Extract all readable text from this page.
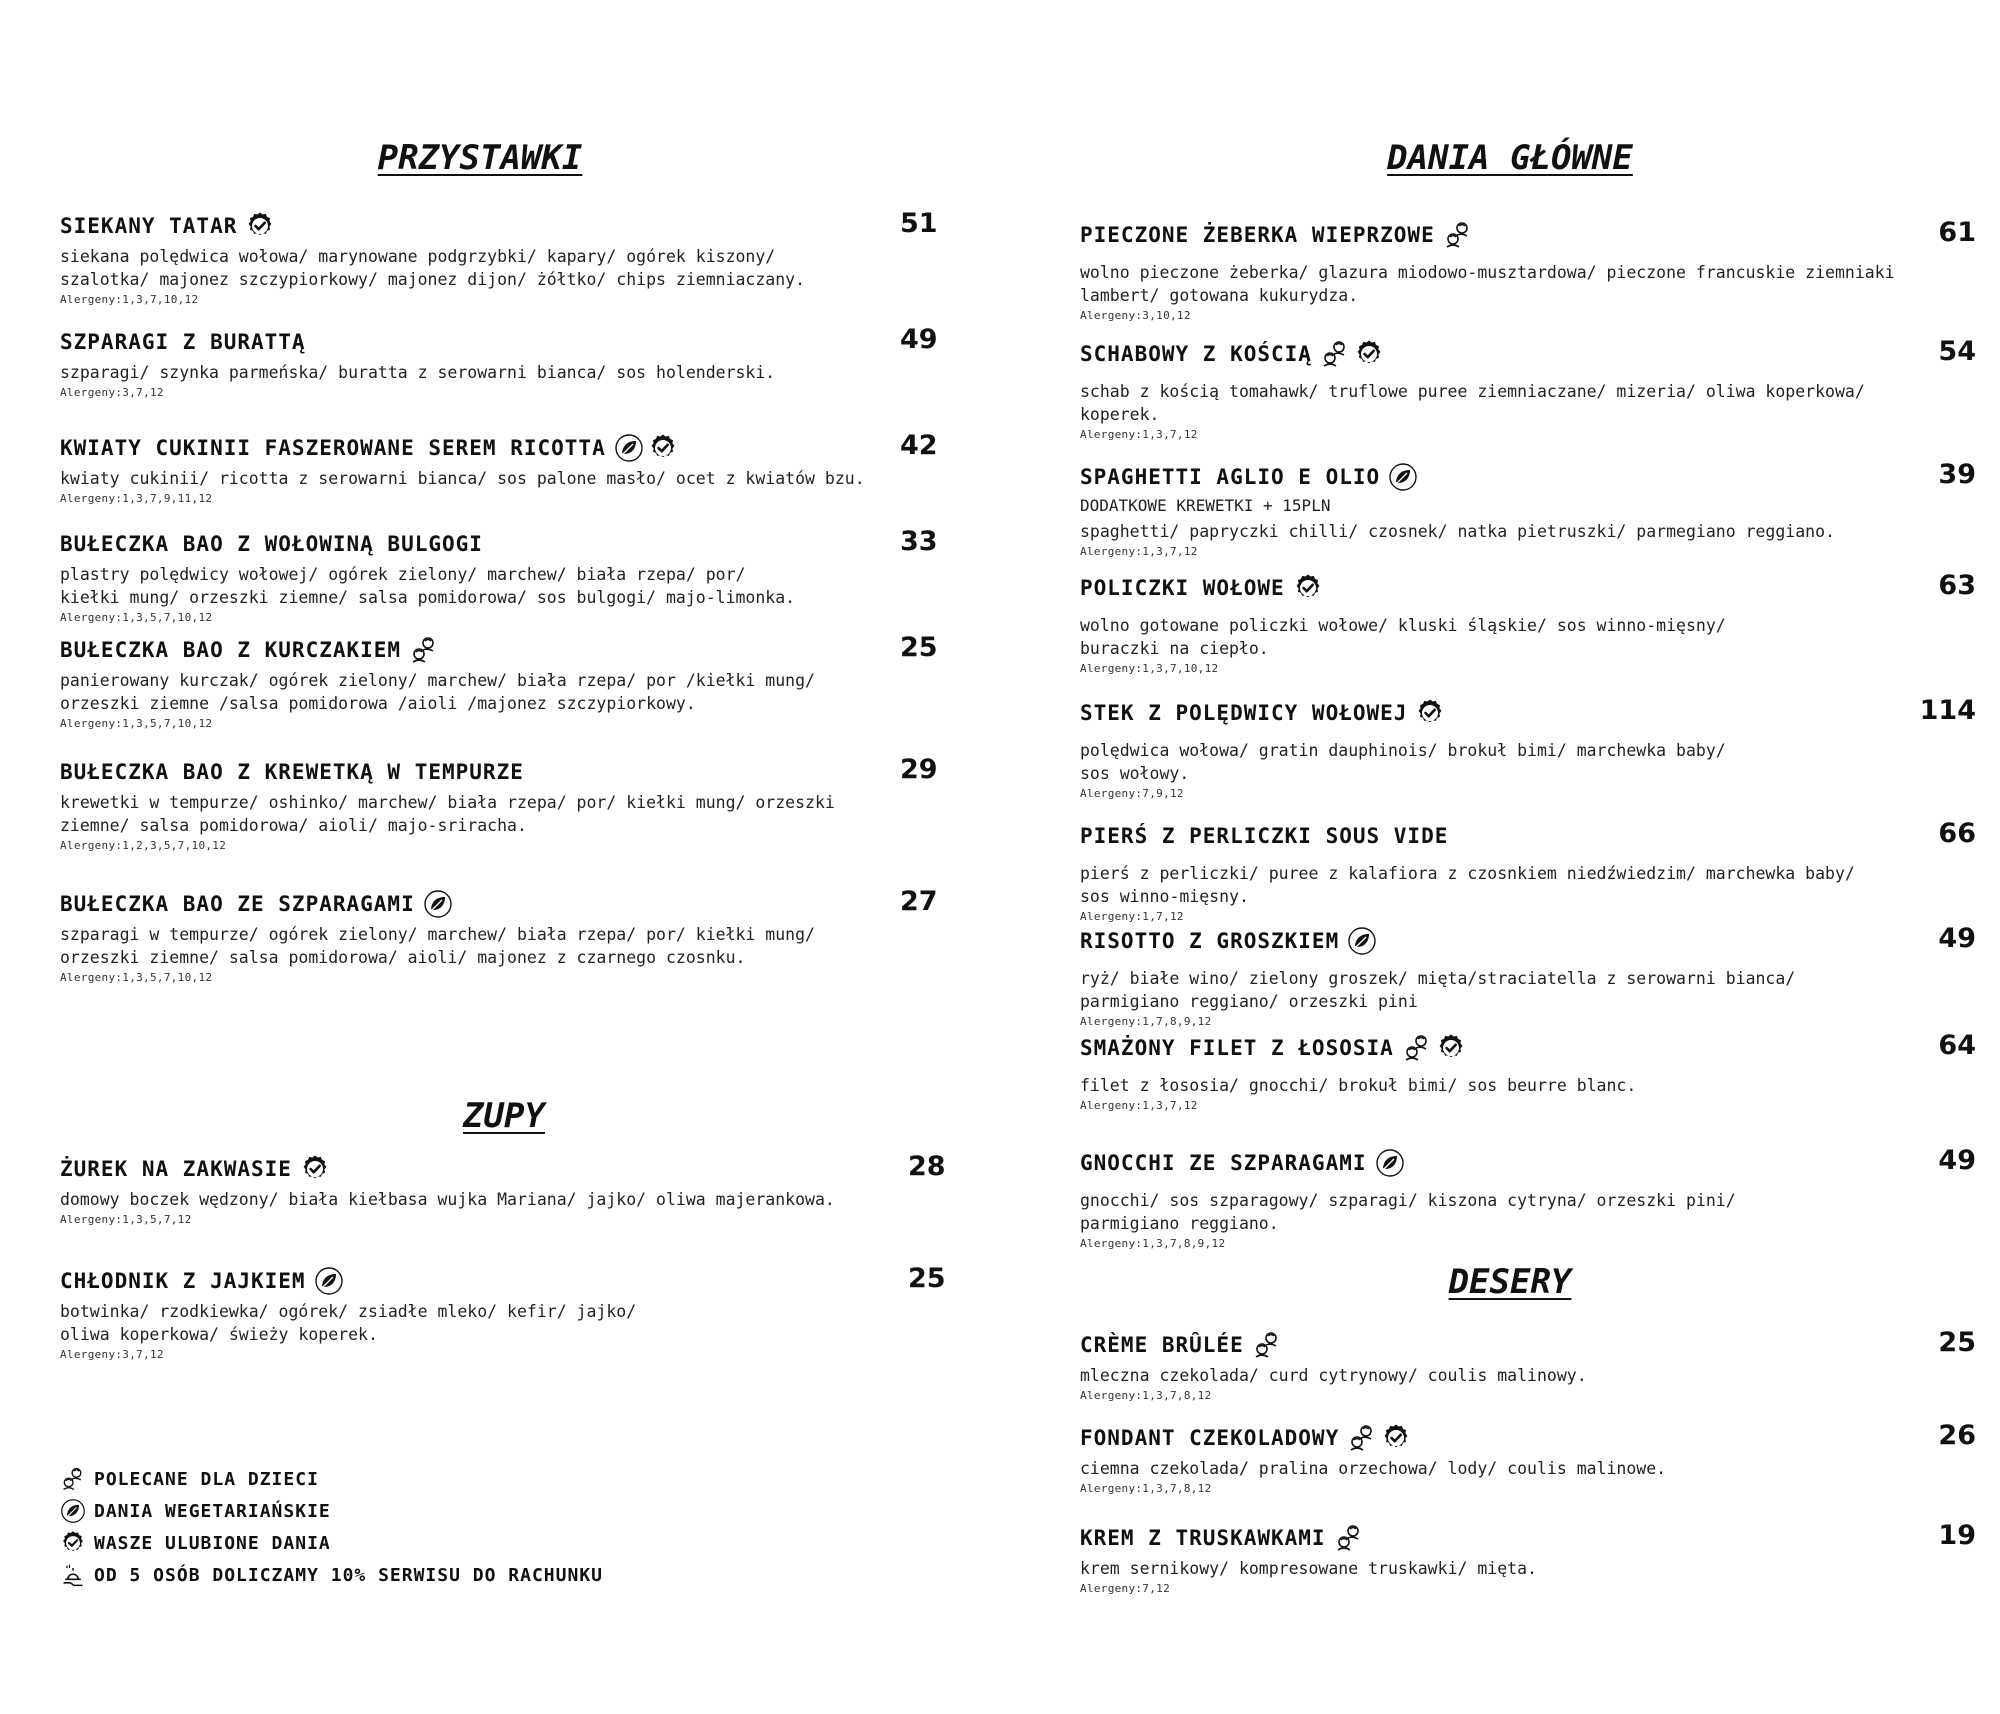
PRZYSTAWKI
ZUPY
DANIA GŁÓWNE
DESERY
SIEKANY TATAR
siekana polędwica wołowa/ marynowane podgrzybki/ kapary/ ogórek kiszony/
szalotka/ majonez szczypiorkowy/ majonez dijon/ żółtko/ chips ziemniaczany.
Alergeny:1,3,7,10,12
51
SZPARAGI Z BURATTĄ
szparagi/ szynka parmeńska/ buratta z serowarni bianca/ sos holenderski.
Alergeny:3,7,12
49
KWIATY CUKINII FASZEROWANE SEREM RICOTTA
kwiaty cukinii/ ricotta z serowarni bianca/ sos palone masło/ ocet z kwiatów bzu.
Alergeny:1,3,7,9,11,12
42
BUŁECZKA BAO Z WOŁOWINĄ BULGOGI
plastry polędwicy wołowej/ ogórek zielony/ marchew/ biała rzepa/ por/
kiełki mung/ orzeszki ziemne/ salsa pomidorowa/ sos bulgogi/ majo-limonka.
Alergeny:1,3,5,7,10,12
33
BUŁECZKA BAO Z KURCZAKIEM
panierowany kurczak/ ogórek zielony/ marchew/ biała rzepa/ por /kiełki mung/
orzeszki ziemne /salsa pomidorowa /aioli /majonez szczypiorkowy.
Alergeny:1,3,5,7,10,12
25
BUŁECZKA BAO Z KREWETKĄ W TEMPURZE
krewetki w tempurze/ oshinko/ marchew/ biała rzepa/ por/ kiełki mung/ orzeszki
ziemne/ salsa pomidorowa/ aioli/ majo-sriracha.
Alergeny:1,2,3,5,7,10,12
29
BUŁECZKA BAO ZE SZPARAGAMI
szparagi w tempurze/ ogórek zielony/ marchew/ biała rzepa/ por/ kiełki mung/
orzeszki ziemne/ salsa pomidorowa/ aioli/ majonez z czarnego czosnku.
Alergeny:1,3,5,7,10,12
27
ŻUREK NA ZAKWASIE
domowy boczek wędzony/ biała kiełbasa wujka Mariana/ jajko/ oliwa majerankowa.
Alergeny:1,3,5,7,12
28
CHŁODNIK Z JAJKIEM
botwinka/ rzodkiewka/ ogórek/ zsiadłe mleko/ kefir/ jajko/
oliwa koperkowa/ świeży koperek.
Alergeny:3,7,12
25
PIECZONE ŻEBERKA WIEPRZOWE
wolno pieczone żeberka/ glazura miodowo-musztardowa/ pieczone francuskie ziemniaki
lambert/ gotowana kukurydza.
Alergeny:3,10,12
61
SCHABOWY Z KOŚCIĄ
schab z kością tomahawk/ truflowe puree ziemniaczane/ mizeria/ oliwa koperkowa/
koperek.
Alergeny:1,3,7,12
54
SPAGHETTI AGLIO E OLIO
DODATKOWE KREWETKI + 15PLN
spaghetti/ papryczki chilli/ czosnek/ natka pietruszki/ parmegiano reggiano.
Alergeny:1,3,7,12
39
POLICZKI WOŁOWE
wolno gotowane policzki wołowe/ kluski śląskie/ sos winno-mięsny/
buraczki na ciepło.
Alergeny:1,3,7,10,12
63
STEK Z POLĘDWICY WOŁOWEJ
polędwica wołowa/ gratin dauphinois/ brokuł bimi/ marchewka baby/
sos wołowy.
Alergeny:7,9,12
114
PIERŚ Z PERLICZKI SOUS VIDE
pierś z perliczki/ puree z kalafiora z czosnkiem niedźwiedzim/ marchewka baby/
sos winno-mięsny.
Alergeny:1,7,12
66
RISOTTO Z GROSZKIEM
ryż/ białe wino/ zielony groszek/ mięta/straciatella z serowarni bianca/
parmigiano reggiano/ orzeszki pini
Alergeny:1,7,8,9,12
49
SMAŻONY FILET Z ŁOSOSIA
filet z łososia/ gnocchi/ brokuł bimi/ sos beurre blanc.
Alergeny:1,3,7,12
64
GNOCCHI ZE SZPARAGAMI
gnocchi/ sos szparagowy/ szparagi/ kiszona cytryna/ orzeszki pini/
parmigiano reggiano.
Alergeny:1,3,7,8,9,12
49
CRÈME BRÛLÉE
mleczna czekolada/ curd cytrynowy/ coulis malinowy.
Alergeny:1,3,7,8,12
25
FONDANT CZEKOLADOWY
ciemna czekolada/ pralina orzechowa/ lody/ coulis malinowe.
Alergeny:1,3,7,8,12
26
KREM Z TRUSKAWKAMI
krem sernikowy/ kompresowane truskawki/ mięta.
Alergeny:7,12
19
POLECANE DLA DZIECI
DANIA WEGETARIAŃSKIE
WASZE ULUBIONE DANIA
OD 5 OSÓB DOLICZAMY 10% SERWISU DO RACHUNKU
